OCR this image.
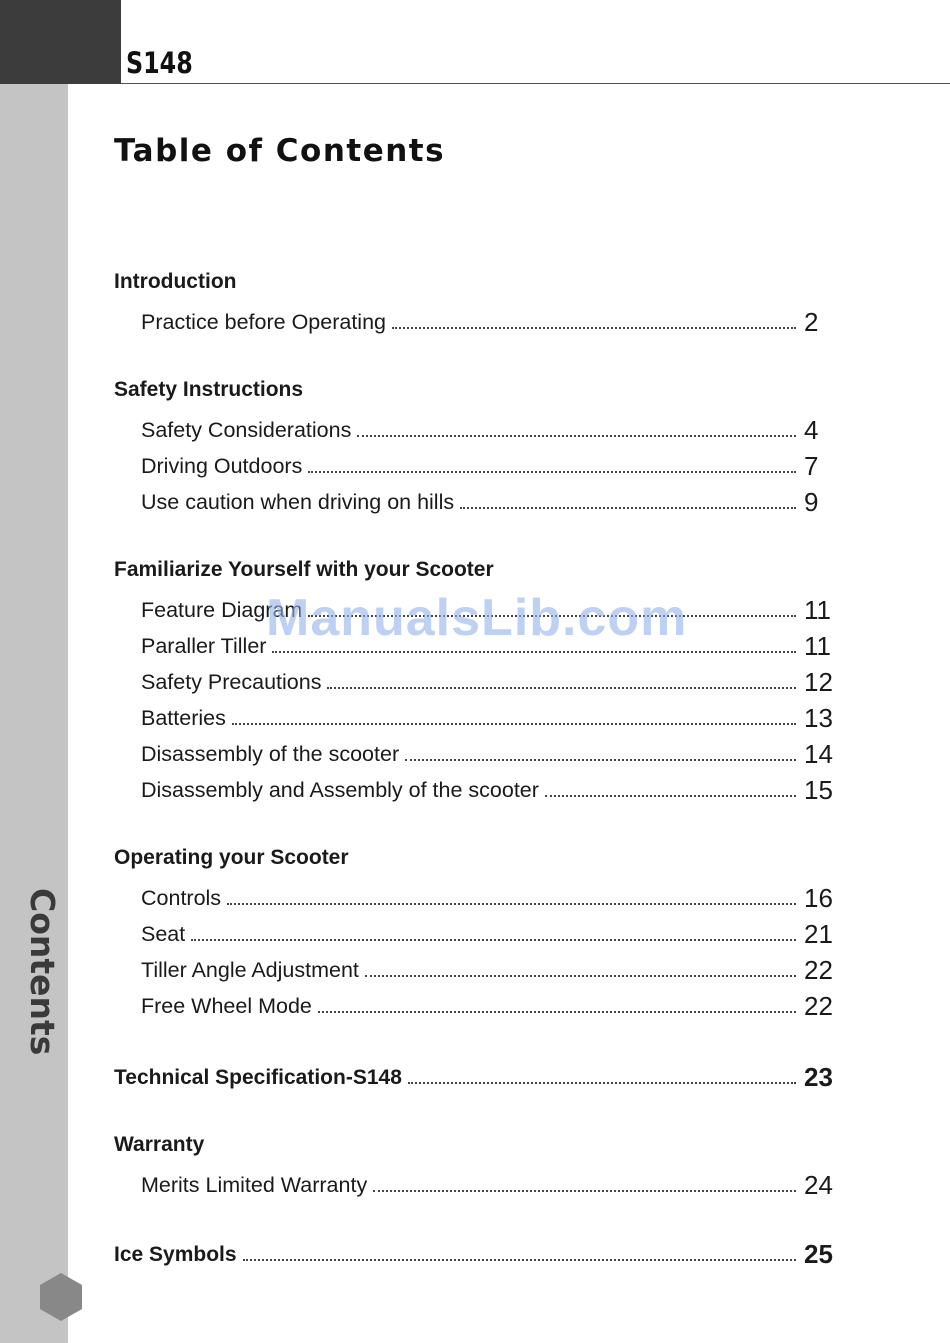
S148
Contents
Table of Contents
Introduction
Practice before Operating	2
Safety Instructions
Safety Considerations	4
Driving Outdoors	7
Use caution when driving on hills	9
Familiarize Yourself with your Scooter
Feature Diagram	11
Paraller Tiller	11
Safety Precautions	12
Batteries	13
Disassembly of the scooter	14
Disassembly and Assembly of the scooter	15
Operating your Scooter
Controls	16
Seat	21
Tiller Angle Adjustment	22
Free Wheel Mode	22
Technical Specification-S148	23
Warranty
Merits Limited Warranty	24
Ice Symbols	25
ManualsLib.com
